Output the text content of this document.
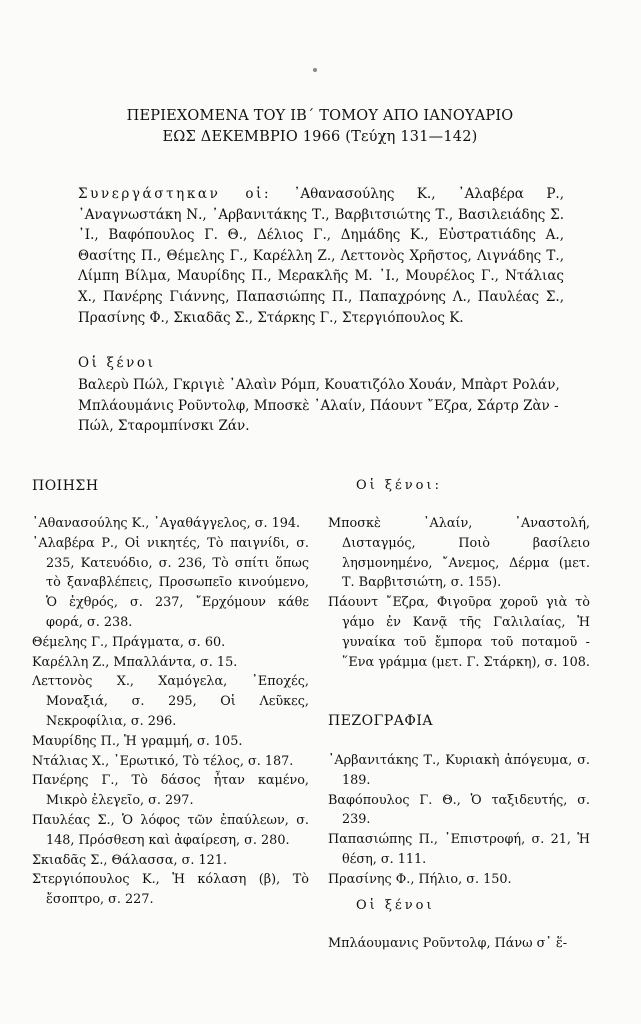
ΠΕΡΙΕΧΟΜΕΝΑ ΤΟΥ ΙΒ΄ ΤΟΜΟΥ ΑΠΟ ΙΑΝΟΥΑΡΙΟ
ΕΩΣ ΔΕΚΕΜΒΡΙΟ 1966 (Τεύχη 131—142)
Συνεργάστηκαν οἱ: ᾿Αθανασούλης Κ., ᾿Αλαβέρα Ρ., ᾿Αναγνωστάκη Ν., ᾿Αρβανιτάκης Τ., Βαρβιτσιώτης Τ., Βασιλειάδης Σ. ᾿Ι., Βαφόπουλος Γ. Θ., Δέλιος Γ., Δημάδης Κ., Εὐστρατιάδης Α., Θασίτης Π., Θέμελης Γ., Καρέλλη Ζ., Λεττονὸς Χρῆστος, Λιγνάδης Τ., Λίμπη Βίλμα, Μαυρίδης Π., Μερακλῆς Μ. ᾿Ι., Μουρέλος Γ., Ντάλιας Χ., Πανέρης Γιάννης, Παπασιώπης Π., Παπαχρόνης Λ., Παυλέας Σ., Πρασίνης Φ., Σκιαδᾶς Σ., Στάρκης Γ., Στεργιόπουλος Κ.
Οἱ ξένοι
Βαλερὺ Πώλ, Γκριγιὲ ᾿Αλαὶν Ρόμπ, Κουατιζόλο Χουάν, Μπὰρτ Ρολάν, Μπλάουμάνις Ροῦντολφ, Μποσκὲ ᾿Αλαίν, Πάουντ ῎Εζρα, Σάρτρ Ζὰν - Πώλ, Σταρομπίνσκι Ζάν.
ΠΟΙΗΣΗ

᾿Αθανασούλης Κ., ᾿Αγαθάγγελος, σ. 194.

᾿Αλαβέρα Ρ., Οἱ νικητές, Τὸ παιγνίδι, σ. 235, Κατευόδιο, σ. 236, Τὸ σπίτι ὅπως τὸ ξαναβλέπεις, Προσωπεῖο κινούμενο, Ὁ ἐχθρός, σ. 237, ῎Ερχόμουν κάθε φορά, σ. 238.

Θέμελης Γ., Πράγματα, σ. 60.

Καρέλλη Ζ., Μπαλλάντα, σ. 15.

Λεττονὸς Χ., Χαμόγελα, ᾿Εποχές, Μοναξιά, σ. 295, Οἱ Λεῦκες, Νεκροφίλια, σ. 296.

Μαυρίδης Π., Ἡ γραμμή, σ. 105.

Ντάλιας Χ., ᾿Ερωτικό, Τὸ τέλος, σ. 187.

Πανέρης Γ., Τὸ δάσος ἦταν καμένο, Μικρὸ ἐλεγεῖο, σ. 297.

Παυλέας Σ., Ὁ λόφος τῶν ἐπαύλεων, σ. 148, Πρόσθεση καὶ ἀφαίρεση, σ. 280.

Σκιαδᾶς Σ., Θάλασσα, σ. 121.

Στεργιόπουλος Κ., Ἡ κόλαση (β), Τὸ ἔσοπτρο, σ. 227.

Οἱ ξένοι:

Μποσκὲ ᾿Αλαίν, ᾿Αναστολή, Δισταγμός, Ποιὸ βασίλειο λησμονημένο, ῎Ανεμος, Δέρμα (μετ. Τ. Βαρβιτσιώτη, σ. 155).

Πάουντ ῎Εζρα, Φιγοῦρα χοροῦ γιὰ τὸ γάμο ἐν Κανᾷ τῆς Γαλιλαίας, Ἡ γυναίκα τοῦ ἔμπορα τοῦ ποταμοῦ - ῞Ενα γράμμα (μετ. Γ. Στάρκη), σ. 108.

ΠΕΖΟΓΡΑΦΙΑ

᾿Αρβανιτάκης Τ., Κυριακὴ ἀπόγευμα, σ. 189.

Βαφόπουλος Γ. Θ., Ὁ ταξιδευτής, σ. 239.

Παπασιώπης Π., ᾿Επιστροφή, σ. 21, Ἡ θέση, σ. 111.

Πρασίνης Φ., Πήλιο, σ. 150.

Οἱ ξένοι

Μπλάουμανις Ροῦντολφ, Πάνω σ᾿ ἕ-
